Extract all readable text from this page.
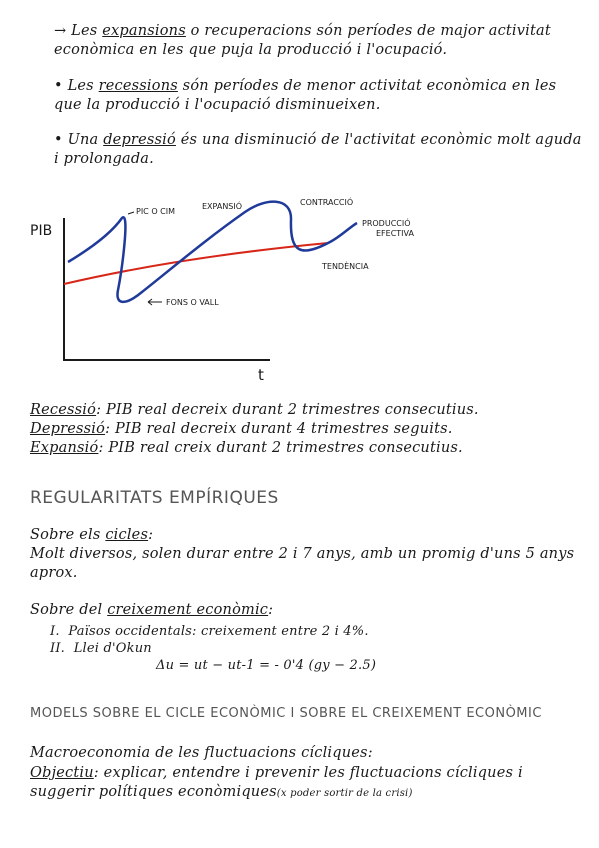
→ Les expansions o recuperacions són períodes de major activitat econòmica en les que puja la producció i l'ocupació.
• Les recessions són períodes de menor activitat econòmica en les que la producció i l'ocupació disminueixen.
• Una depressió és una disminució de l'activitat econòmic molt aguda i prolongada.
PIB
t
PIC O CIM
EXPANSIÓ	CONTRACCIÓ
PRODUCCIÓ
EFECTIVA
TENDÈNCIA
FONS O VALL
Recessió: PIB real decreix durant 2 trimestres consecutius.
Depressió: PIB real decreix durant 4 trimestres seguits.
Expansió: PIB real creix durant 2 trimestres consecutius.
REGULARITATS EMPÍRIQUES
Sobre els cicles:
Molt diversos, solen durar entre 2 i 7 anys, amb un promig d'uns 5 anys aprox.
Sobre del creixement econòmic:
I. Països occidentals: creixement entre 2 i 4%.
II. Llei d'Okun
Δu = ut − ut-1 = - 0'4 (gy − 2.5)
MODELS SOBRE EL CICLE ECONÒMIC I SOBRE EL CREIXEMENT ECONÒMIC
Macroeconomia de les fluctuacions cícliques:
Objectiu: explicar, entendre i prevenir les fluctuacions cícliques i suggerir polítiques econòmiques(x poder sortir de la crisi)
